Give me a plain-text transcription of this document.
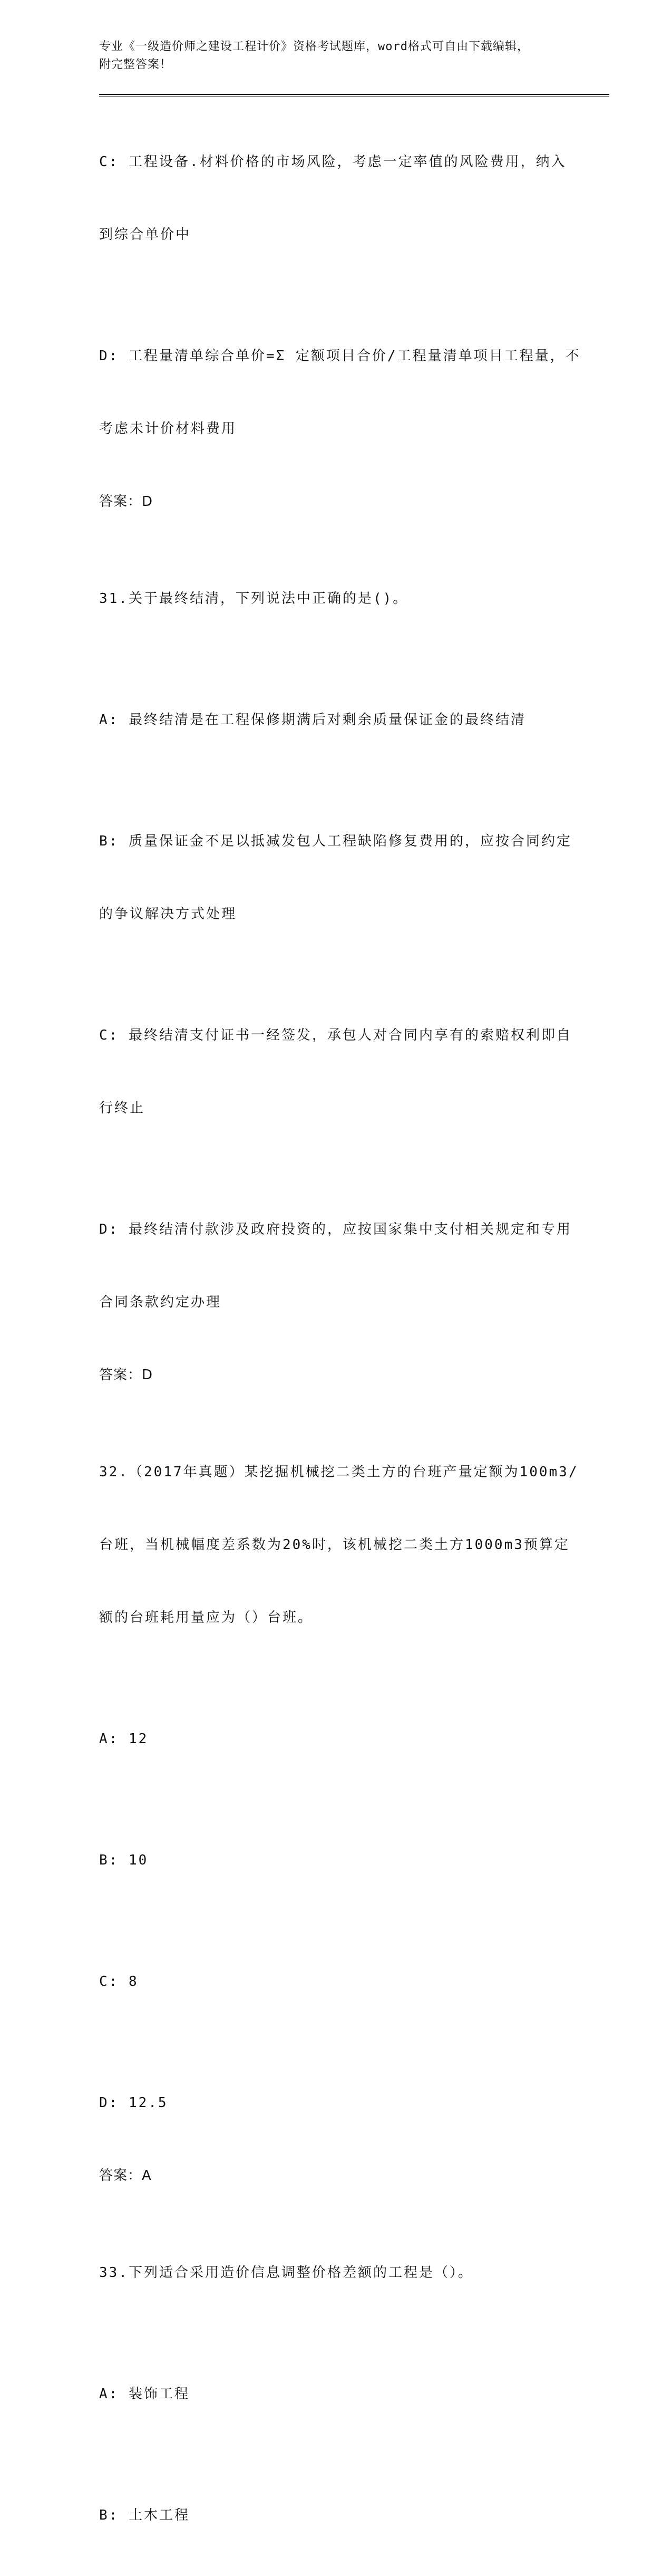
专业《一级造价师之建设工程计价》资格考试题库，word格式可自由下载编辑，
附完整答案！

C: 工程设备.材料价格的市场风险，考虑一定率值的风险费用，纳入

到综合单价中

D: 工程量清单综合单价=Σ 定额项目合价/工程量清单项目工程量，不

考虑未计价材料费用

答案：D

31.关于最终结清，下列说法中正确的是()。

A: 最终结清是在工程保修期满后对剩余质量保证金的最终结清

B: 质量保证金不足以抵减发包人工程缺陷修复费用的，应按合同约定

的争议解决方式处理

C: 最终结清支付证书一经签发，承包人对合同内享有的索赔权利即自

行终止

D: 最终结清付款涉及政府投资的，应按国家集中支付相关规定和专用

合同条款约定办理

答案：D

32.（2017年真题）某挖掘机械挖二类土方的台班产量定额为100m3/

台班，当机械幅度差系数为20%时，该机械挖二类土方1000m3预算定

额的台班耗用量应为（）台班。

A: 12

B: 10

C: 8

D: 12.5

答案：A

33.下列适合采用造价信息调整价格差额的工程是（）。

A: 装饰工程

B: 土木工程
